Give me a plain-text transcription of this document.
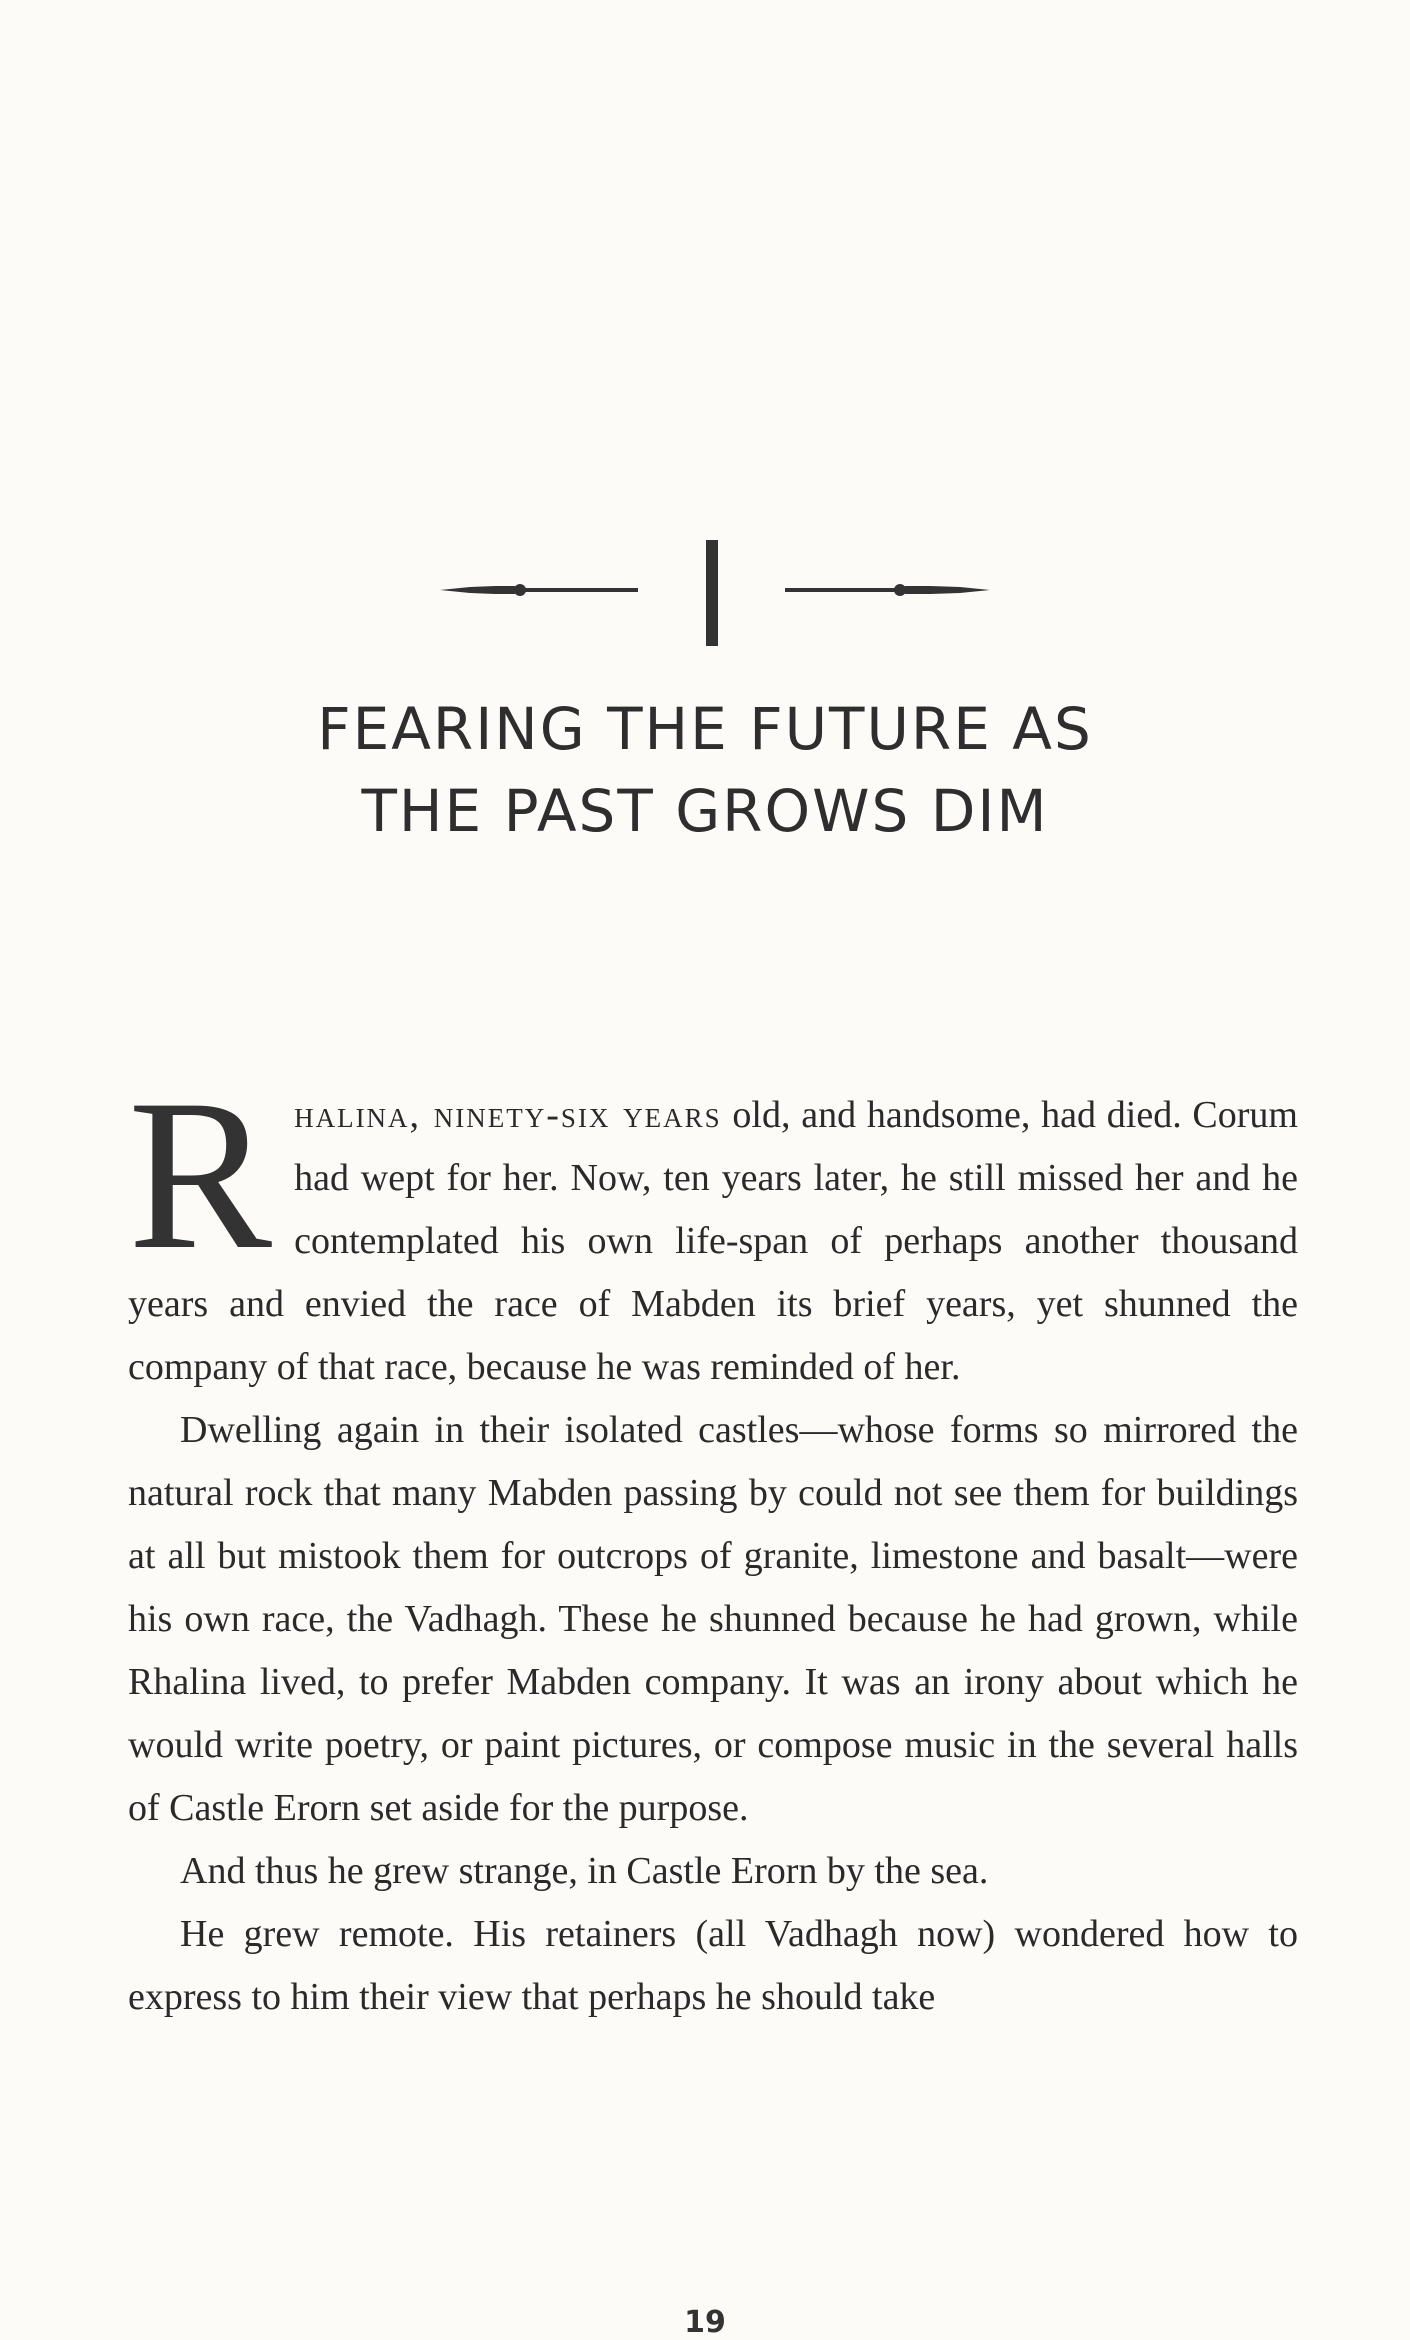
FEARING THE FUTURE AS
THE PAST GROWS DIM

Rhalina, ninety-six years old, and handsome, had died. Corum had wept for her. Now, ten years later, he still missed her and he contemplated his own life-span of perhaps another thousand years and envied the race of Mabden its brief years, yet shunned the company of that race, because he was reminded of her.

Dwelling again in their isolated castles—whose forms so mirrored the natural rock that many Mabden passing by could not see them for buildings at all but mistook them for outcrops of granite, limestone and basalt—were his own race, the Vadhagh. These he shunned because he had grown, while Rhalina lived, to prefer Mabden company. It was an irony about which he would write poetry, or paint pictures, or compose music in the several halls of Castle Erorn set aside for the purpose.

And thus he grew strange, in Castle Erorn by the sea.

He grew remote. His retainers (all Vadhagh now) wondered how to express to him their view that perhaps he should take

19
